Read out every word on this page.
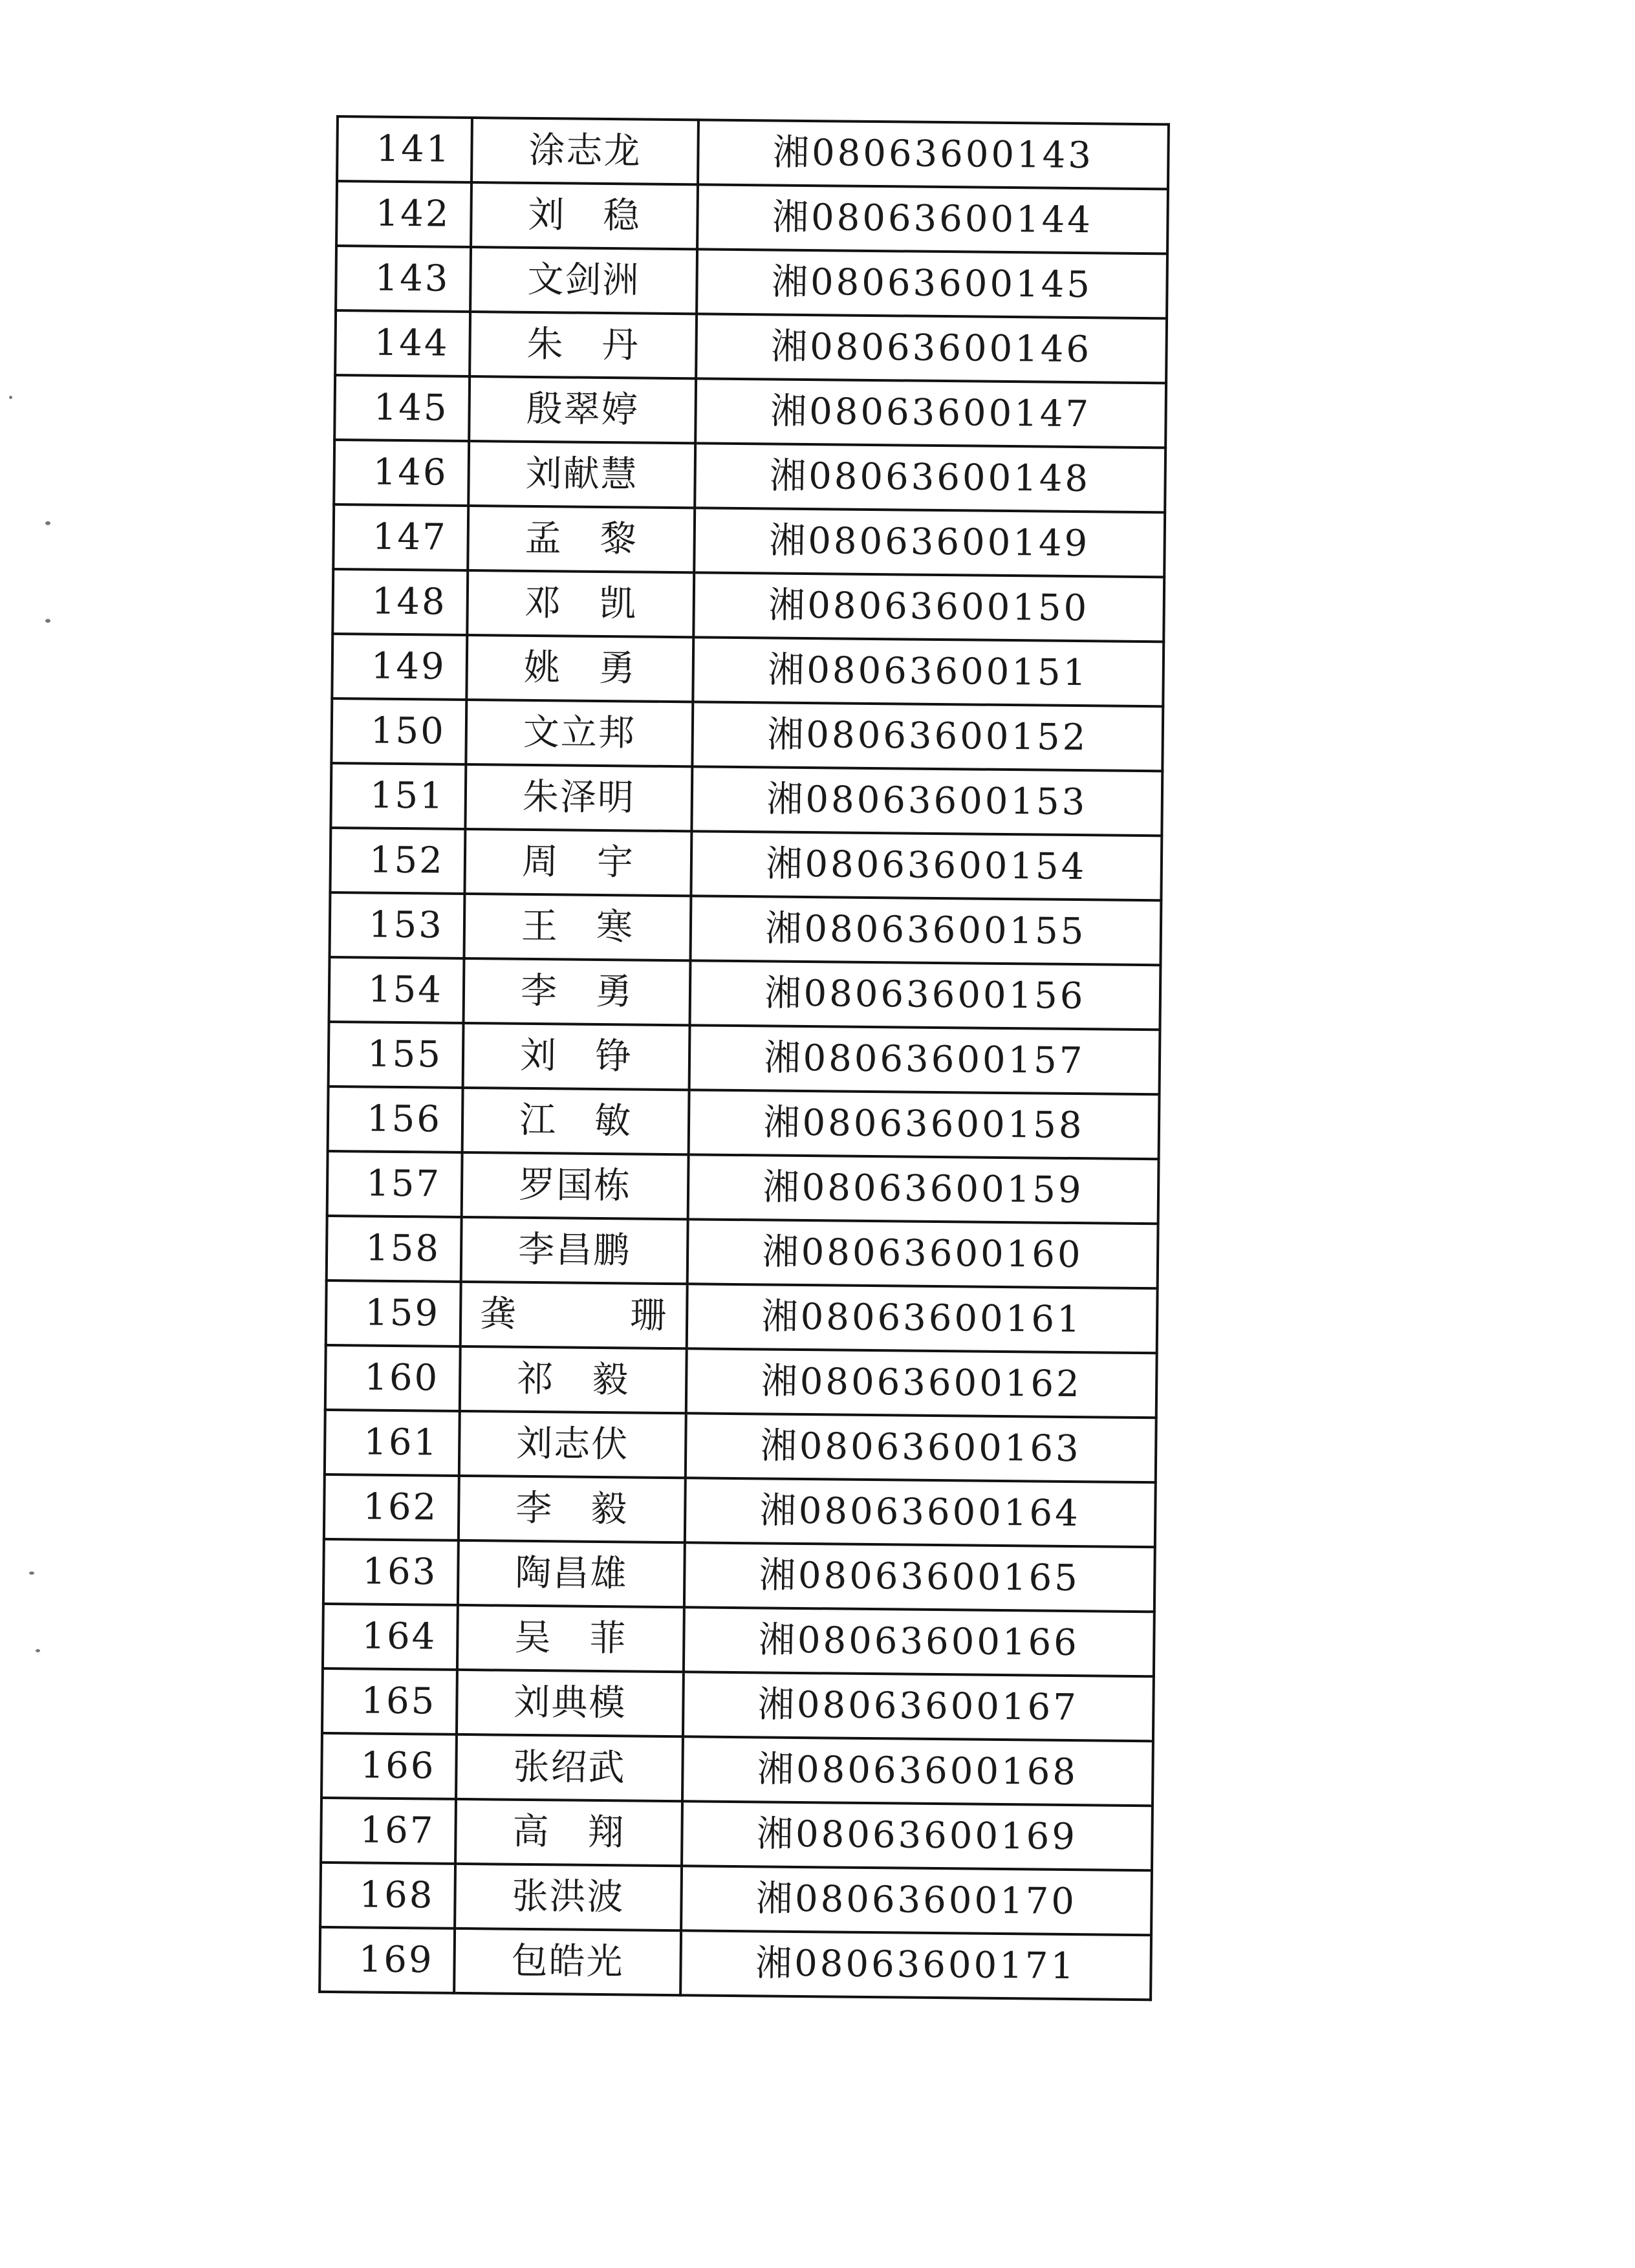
141	涂志龙	湘08063600143
142	刘　稳	湘08063600144
143	文剑洲	湘08063600145
144	朱　丹	湘08063600146
145	殷翠婷	湘08063600147
146	刘献慧	湘08063600148
147	孟　黎	湘08063600149
148	邓　凯	湘08063600150
149	姚　勇	湘08063600151
150	文立邦	湘08063600152
151	朱泽明	湘08063600153
152	周　宇	湘08063600154
153	王　寒	湘08063600155
154	李　勇	湘08063600156
155	刘　铮	湘08063600157
156	江　敏	湘08063600158
157	罗国栋	湘08063600159
158	李昌鹏	湘08063600160
159	龚　　　珊	湘08063600161
160	祁　毅	湘08063600162
161	刘志伏	湘08063600163
162	李　毅	湘08063600164
163	陶昌雄	湘08063600165
164	吴　菲	湘08063600166
165	刘典模	湘08063600167
166	张绍武	湘08063600168
167	高　翔	湘08063600169
168	张洪波	湘08063600170
169	包皓光	湘08063600171
